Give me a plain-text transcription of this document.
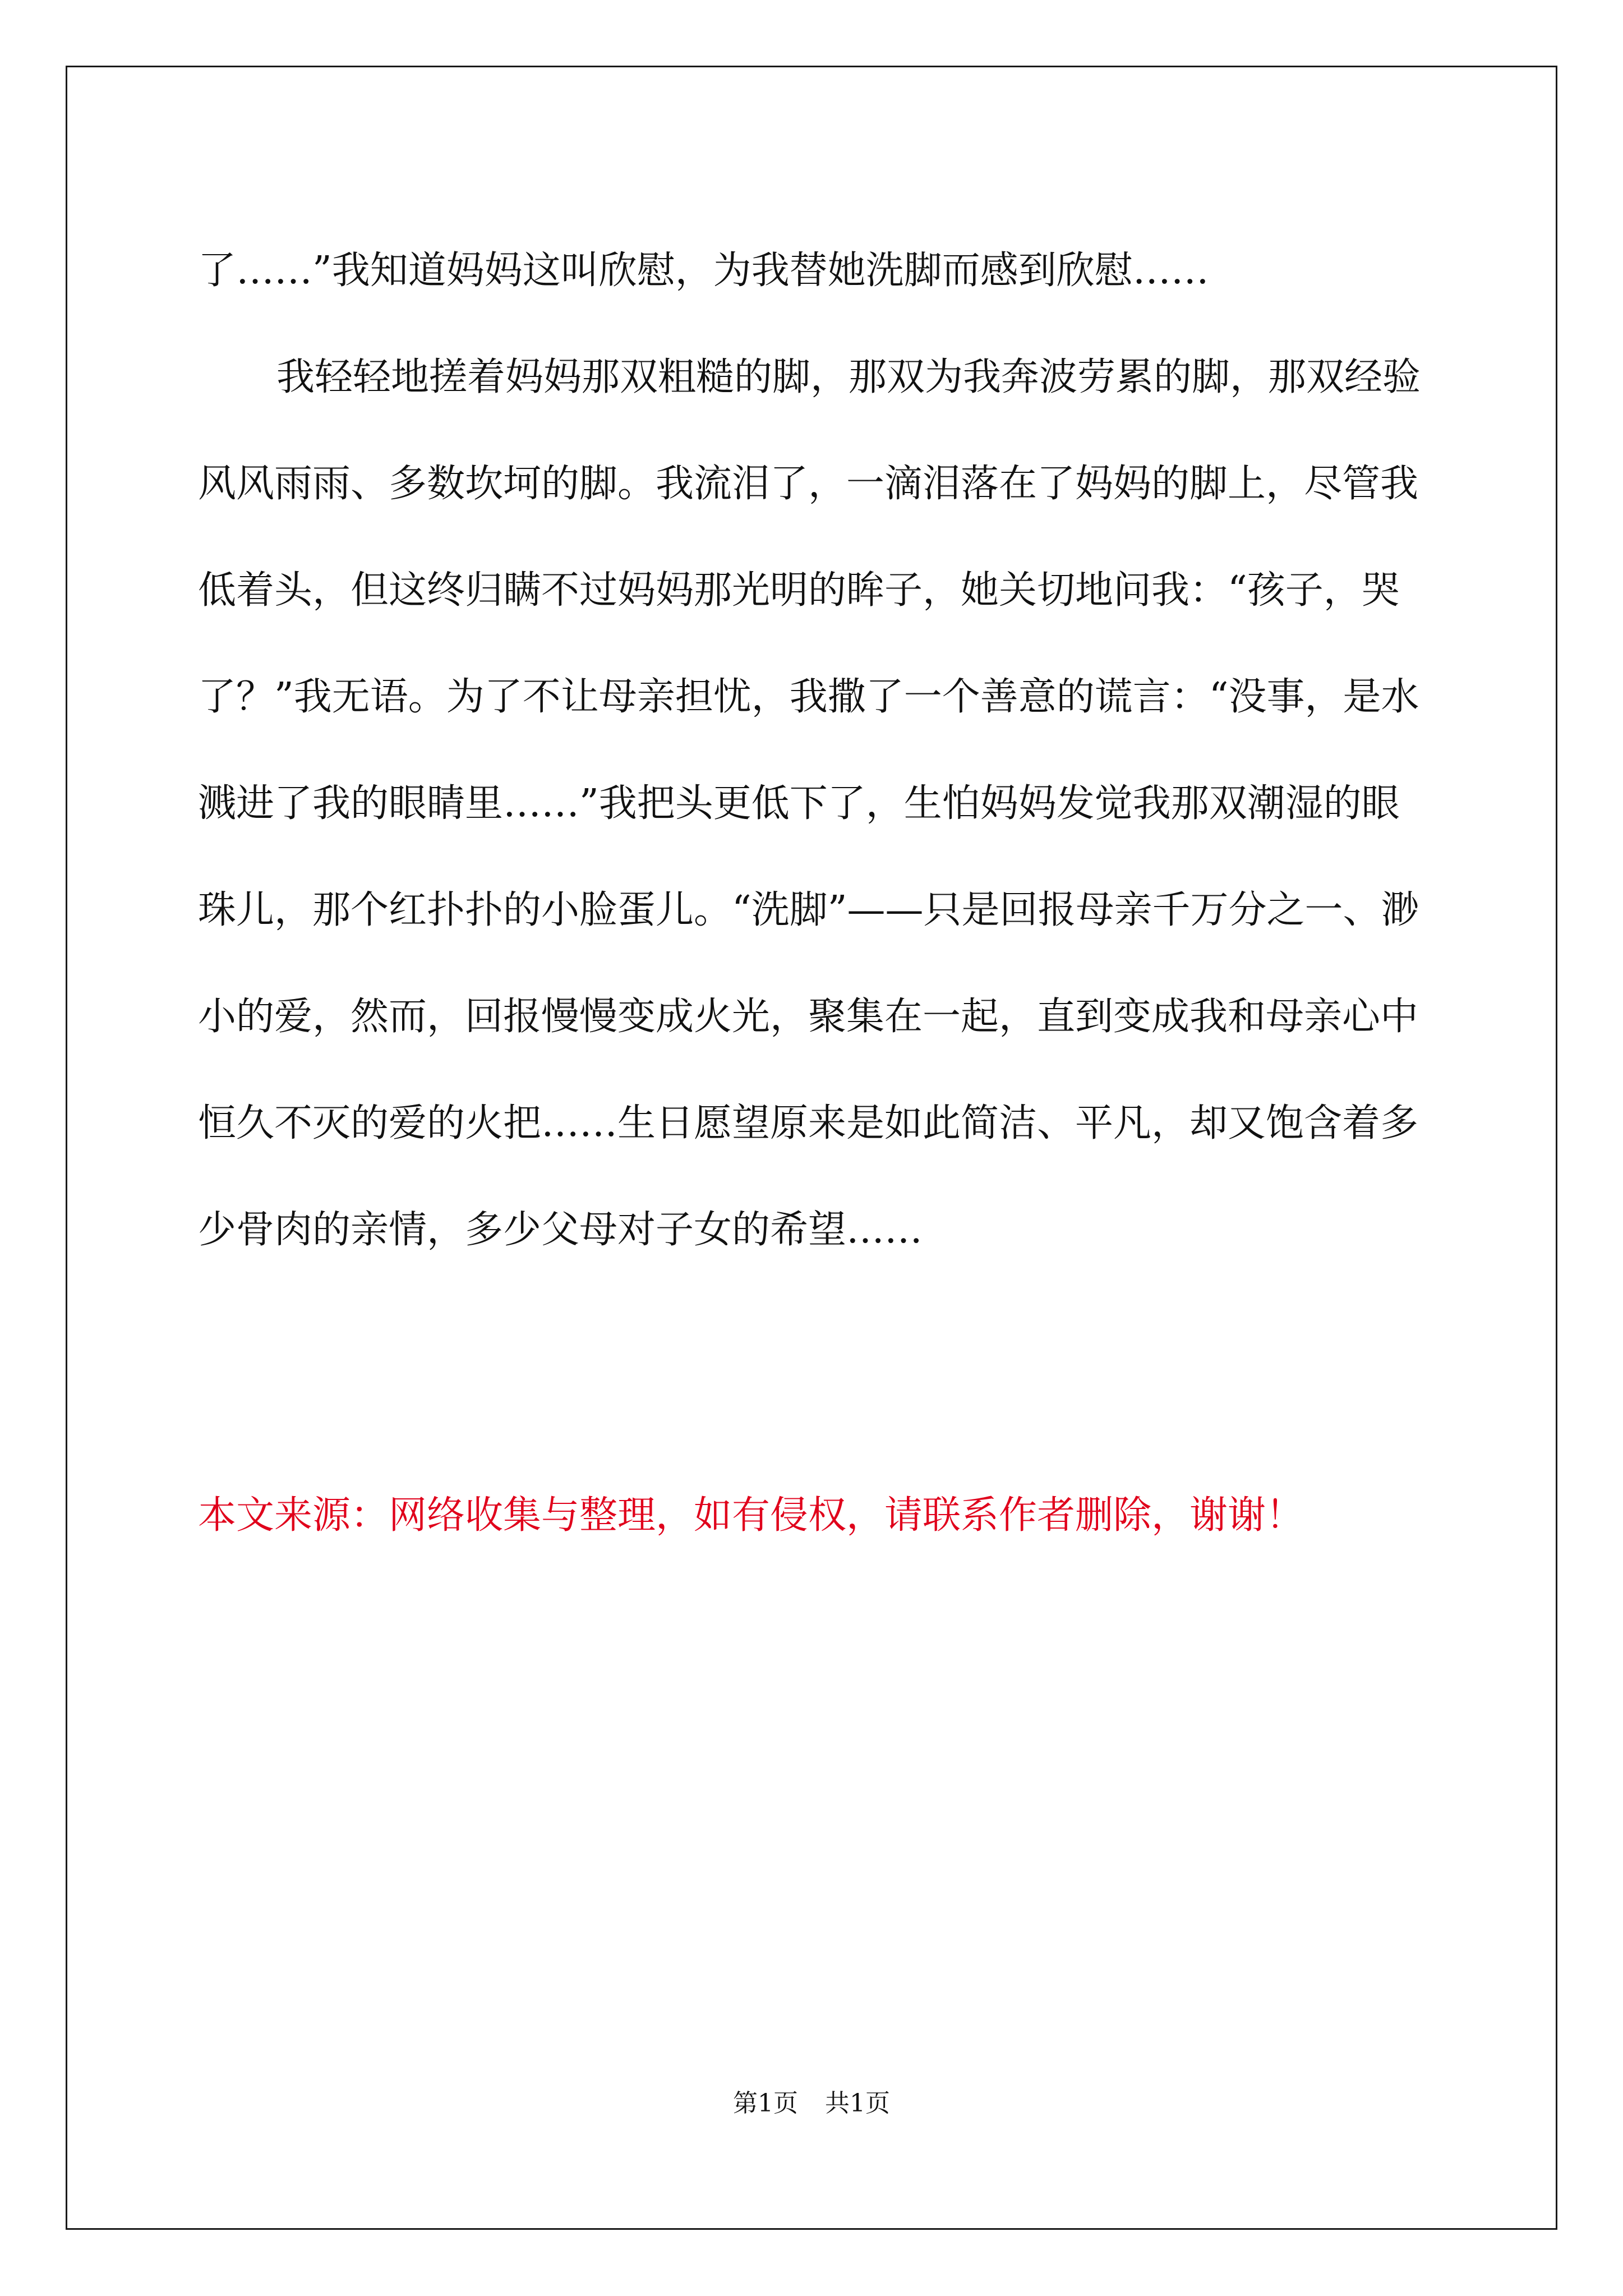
了……”我知道妈妈这叫欣慰，为我替她洗脚而感到欣慰……

我轻轻地搓着妈妈那双粗糙的脚，那双为我奔波劳累的脚，那双经验风风雨雨、多数坎坷的脚。我流泪了，一滴泪落在了妈妈的脚上，尽管我低着头，但这终归瞒不过妈妈那光明的眸子，她关切地问我：“孩子，哭了？”我无语。为了不让母亲担忧，我撒了一个善意的谎言：“没事，是水溅进了我的眼睛里……”我把头更低下了，生怕妈妈发觉我那双潮湿的眼珠儿，那个红扑扑的小脸蛋儿。“洗脚”——只是回报母亲千万分之一、渺小的爱，然而，回报慢慢变成火光，聚集在一起，直到变成我和母亲心中恒久不灭的爱的火把……生日愿望原来是如此简洁、平凡，却又饱含着多少骨肉的亲情，多少父母对子女的希望……

本文来源：网络收集与整理，如有侵权，请联系作者删除，谢谢！
第1页 共1页
